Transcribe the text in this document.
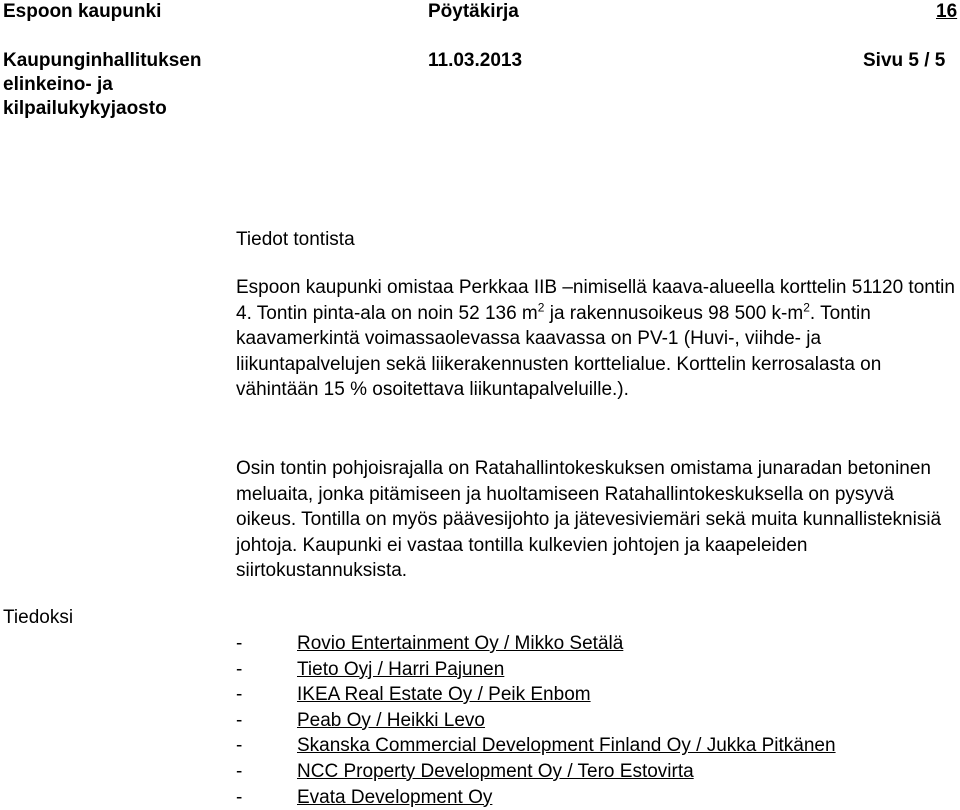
Espoon kaupunki	Pöytäkirja	16
Kaupunginhallituksen elinkeino- ja kilpailukykyjaosto
11.03.2013	Sivu 5 / 5
Tiedot tontista

Espoon kaupunki omistaa Perkkaa IIB –nimisellä kaava-alueella korttelin 51120 tontin 4. Tontin pinta-ala on noin 52 136 $m^2$ ja rakennusoikeus 98 500 $k-m^2$. Tontin kaavamerkintä voimassaolevassa kaavassa on PV-1 (Huvi-, viihde- ja liikuntapalvelujen sekä liikerakennusten korttelialue. Korttelin kerrosalasta on vähintään 15 % osoitettava liikuntapalveluille.).

Osin tontin pohjoisrajalla on Ratahallintokeskuksen omistama junaradan betoninen meluaita, jonka pitämiseen ja huoltamiseen Ratahallintokeskuksella on pysyvä oikeus. Tontilla on myös päävesijohto ja jätevesiviemäri sekä muita kunnallisteknisiä johtoja. Kaupunki ei vastaa tontilla kulkevien johtojen ja kaapeleiden siirtokustannuksista.

Tiedoksi
-	Rovio Entertainment Oy / Mikko Setälä
-	Tieto Oyj / Harri Pajunen
-	IKEA Real Estate Oy / Peik Enbom
-	Peab Oy / Heikki Levo
-	Skanska Commercial Development Finland Oy / Jukka Pitkänen
-	NCC Property Development Oy / Tero Estovirta
-	Evata Development Oy
